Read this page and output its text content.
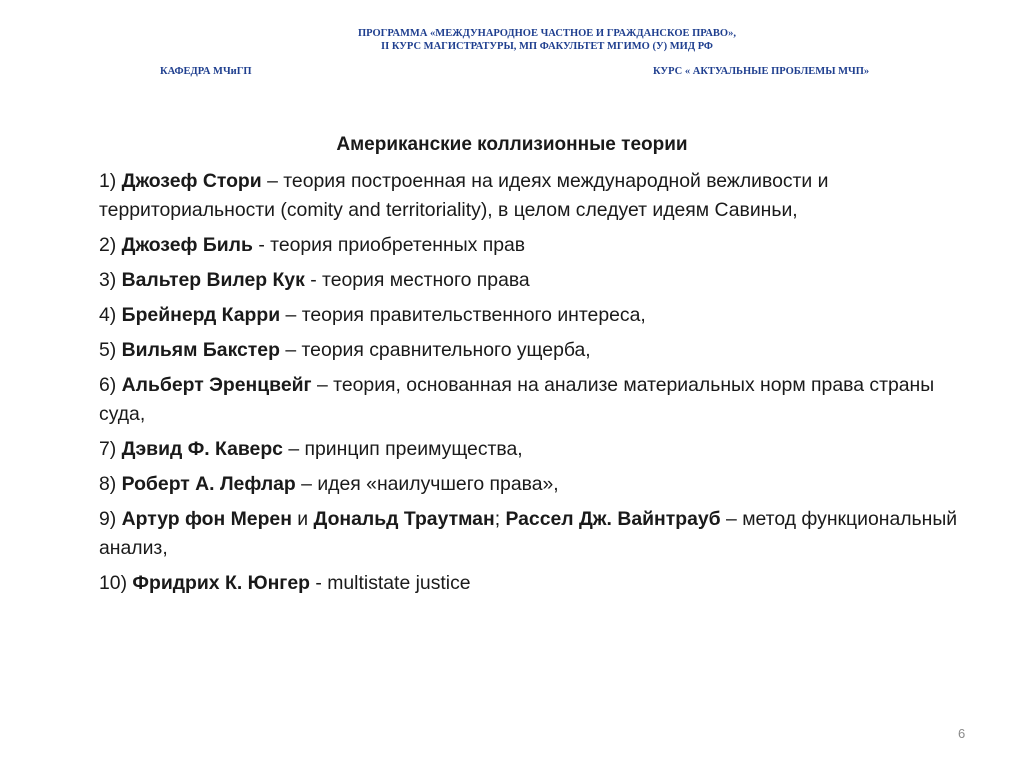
ПРОГРАММА «МЕЖДУНАРОДНОЕ ЧАСТНОЕ И ГРАЖДАНСКОЕ ПРАВО»,
II КУРС МАГИСТРАТУРЫ, МП ФАКУЛЬТЕТ МГИМО (У) МИД РФ
КАФЕДРА МЧиГП	КУРС « АКТУАЛЬНЫЕ ПРОБЛЕМЫ МЧП»
Американские коллизионные теории
1) Джозеф Стори – теория построенная на идеях международной вежливости и территориальности (comity and territoriality), в целом следует идеям Савиньи,
2) Джозеф Биль - теория приобретенных прав
3) Вальтер Вилер Кук - теория местного права
4) Брейнерд Карри – теория правительственного интереса,
5) Вильям Бакстер – теория сравнительного ущерба,
6) Альберт Эренцвейг – теория, основанная на анализе материальных норм права страны суда,
7) Дэвид Ф. Каверс – принцип преимущества,
8) Роберт А. Лефлар – идея «наилучшего права»,
9) Артур фон Мерен и Дональд Траутман; Рассел Дж. Вайнтрауб – метод функциональный анализ,
10) Фридрих К. Юнгер - multistate justice
6
